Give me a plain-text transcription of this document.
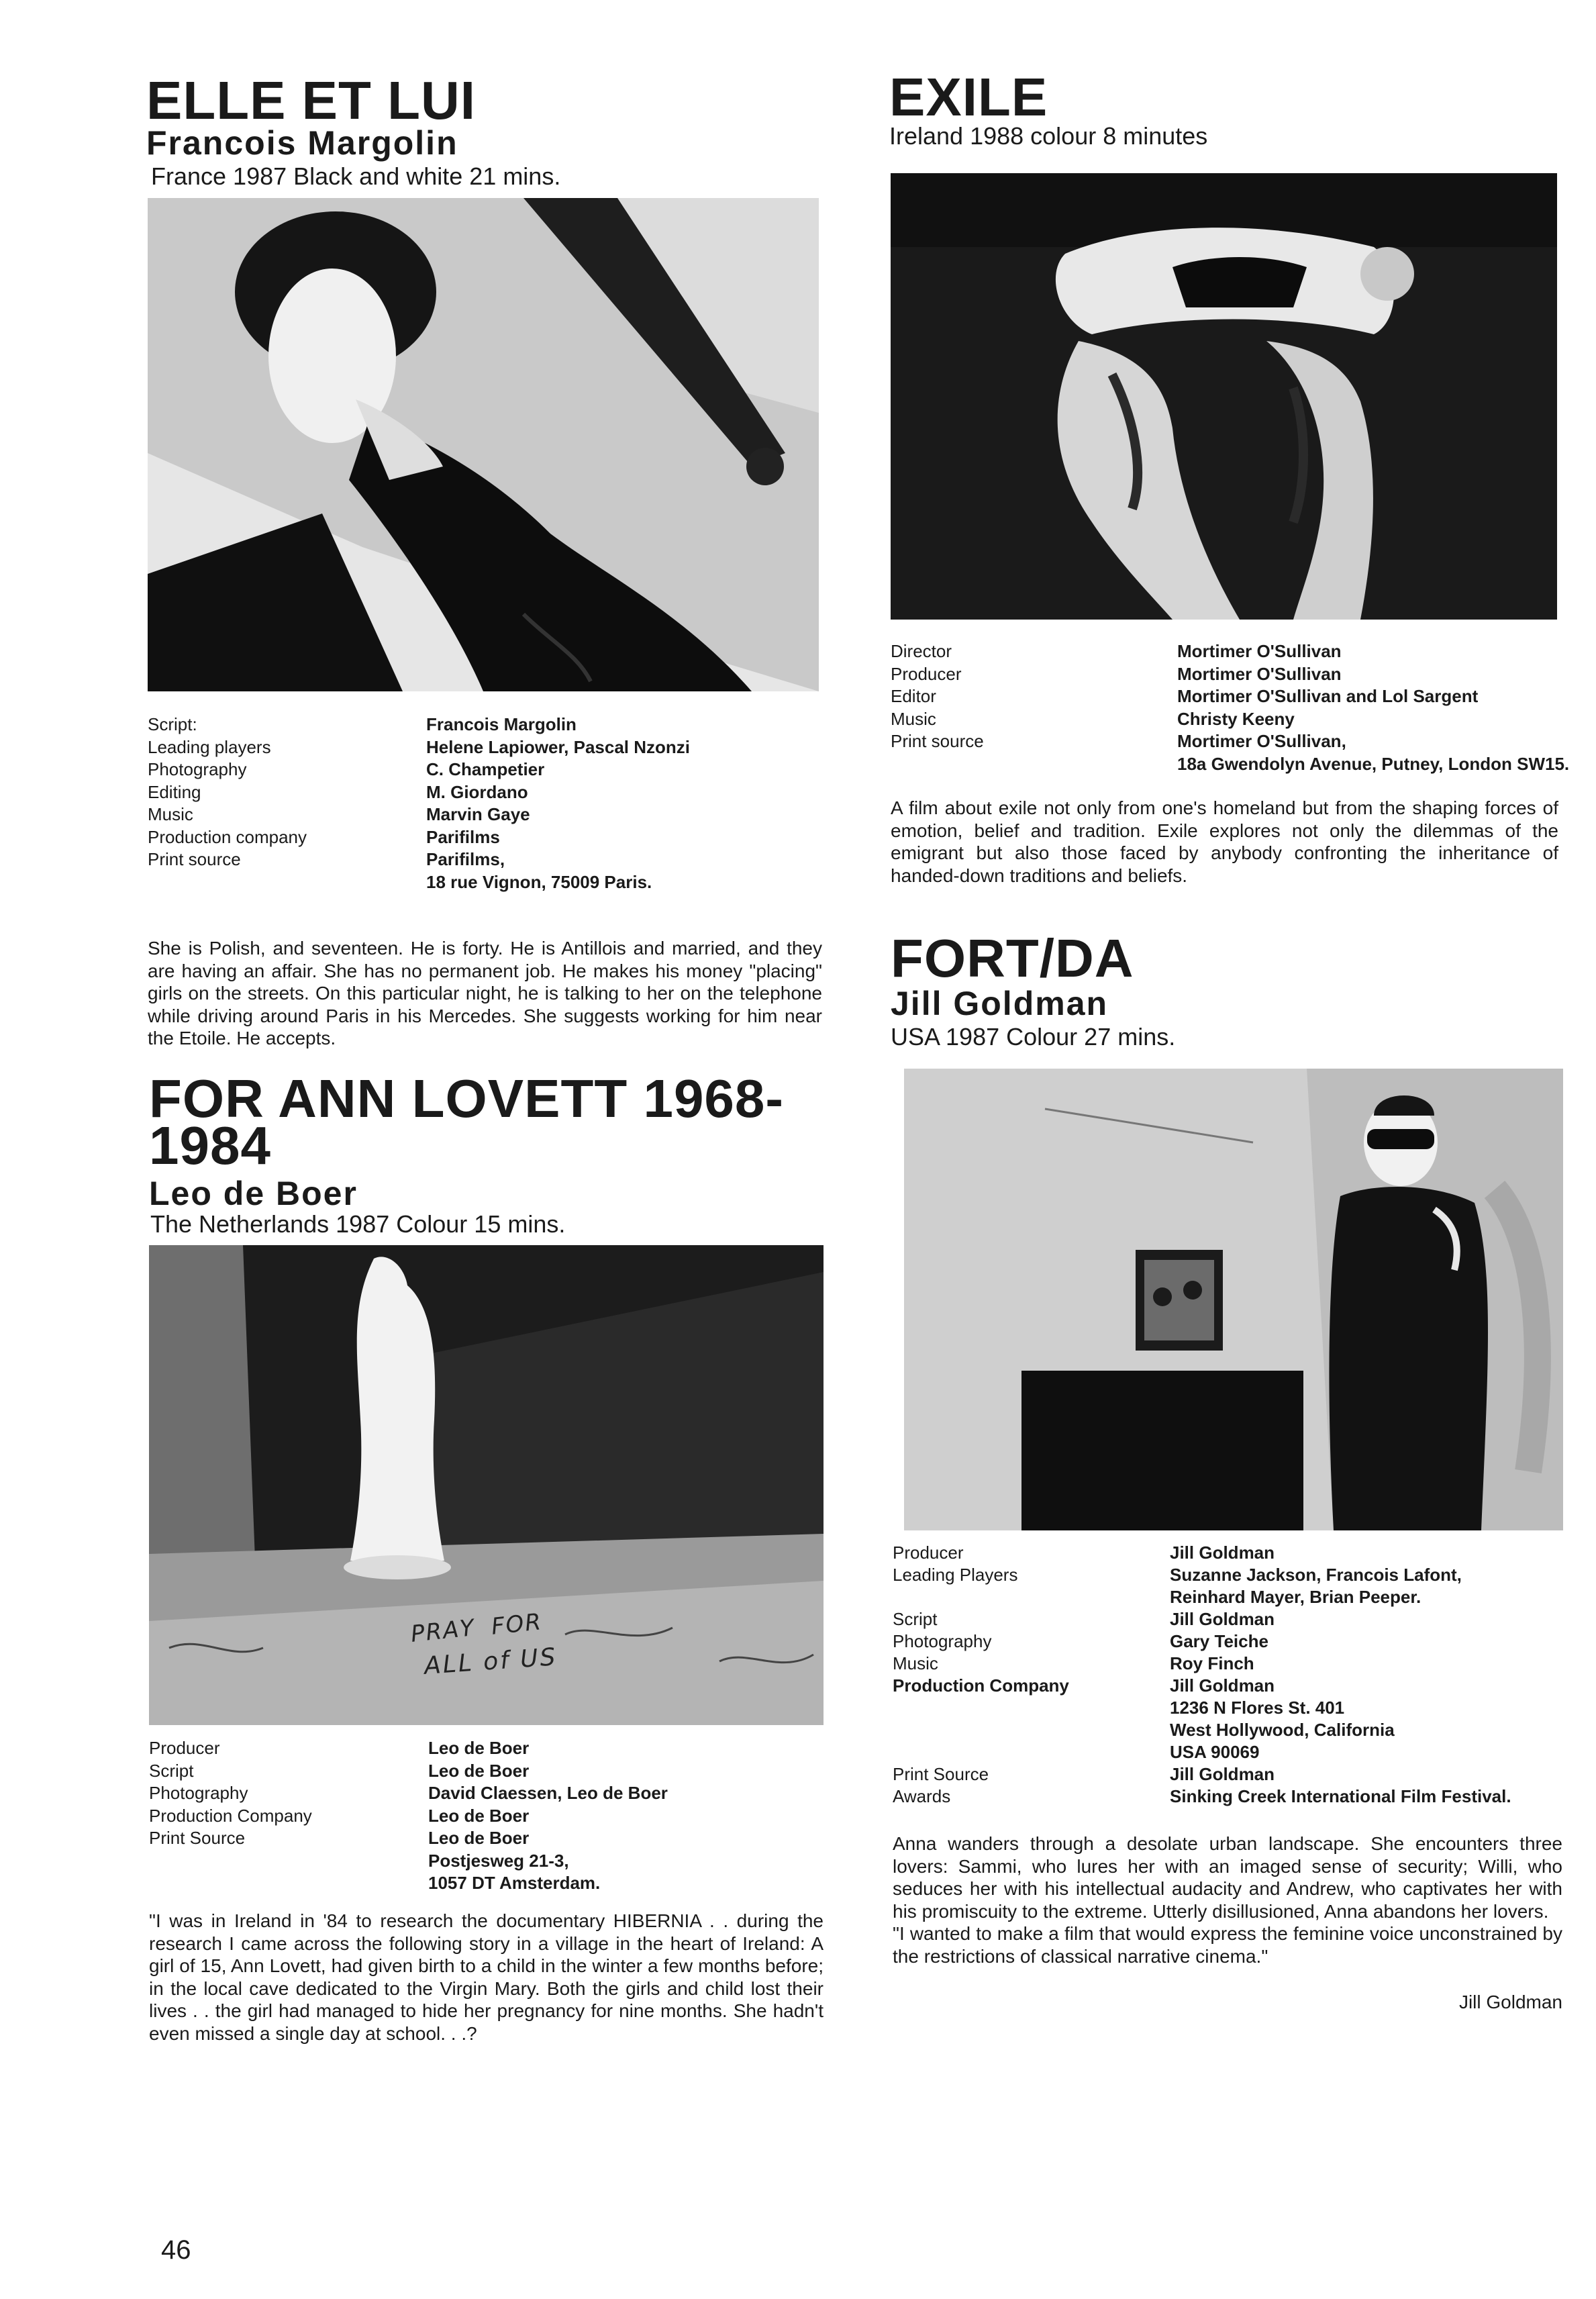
ELLE ET LUI
Francois Margolin
France 1987 Black and white 21 mins.
Script:	Francois Margolin
Leading players	Helene Lapiower, Pascal Nzonzi
Photography	C. Champetier
Editing	M. Giordano
Music	Marvin Gaye
Production company	Parifilms
Print source	Parifilms,
18 rue Vignon, 75009 Paris.

She is Polish, and seventeen. He is forty. He is Antillois and married, and they are having an affair. She has no permanent job. He makes his money "placing" girls on the streets. On this particular night, he is talking to her on the telephone while driving around Paris in his Mercedes. She suggests working for him near the Etoile. He accepts.

FOR ANN LOVETT 1968-
1984
Leo de Boer
The Netherlands 1987 Colour 15 mins.
PRAY FOR
ALL of US
Producer	Leo de Boer
Script	Leo de Boer
Photography	David Claessen, Leo de Boer
Production Company	Leo de Boer
Print Source	Leo de Boer
Postjesweg 21-3,
1057 DT Amsterdam.

"I was in Ireland in '84 to research the documentary HIBERNIA . . during the research I came across the following story in a village in the heart of Ireland: A girl of 15, Ann Lovett, had given birth to a child in the winter a few months before; in the local cave dedicated to the Virgin Mary. Both the girls and child lost their lives . . the girl had managed to hide her pregnancy for nine months. She hadn't even missed a single day at school. . .?

EXILE
Ireland 1988 colour 8 minutes
Director	Mortimer O'Sullivan
Producer	Mortimer O'Sullivan
Editor	Mortimer O'Sullivan and Lol Sargent
Music	Christy Keeny
Print source	Mortimer O'Sullivan,
18a Gwendolyn Avenue, Putney, London SW15.

A film about exile not only from one's homeland but from the shaping forces of emotion, belief and tradition. Exile explores not only the dilemmas of the emigrant but also those faced by anybody confronting the inheritance of handed-down traditions and beliefs.

FORT/DA
Jill Goldman
USA 1987 Colour 27 mins.
Producer	Jill Goldman
Leading Players	Suzanne Jackson, Francois Lafont,
Reinhard Mayer, Brian Peeper.
Script	Jill Goldman
Photography	Gary Teiche
Music	Roy Finch
Production Company	Jill Goldman
1236 N Flores St. 401
West Hollywood, California
USA 90069
Print Source	Jill Goldman
Awards	Sinking Creek International Film Festival.

Anna wanders through a desolate urban landscape. She encounters three lovers: Sammi, who lures her with an imaged sense of security; Willi, who seduces her with his intellectual audacity and Andrew, who captivates her with his promiscuity to the extreme. Utterly disillusioned, Anna abandons her lovers.

"I wanted to make a film that would express the feminine voice unconstrained by the restrictions of classical narrative cinema."

Jill Goldman
46
